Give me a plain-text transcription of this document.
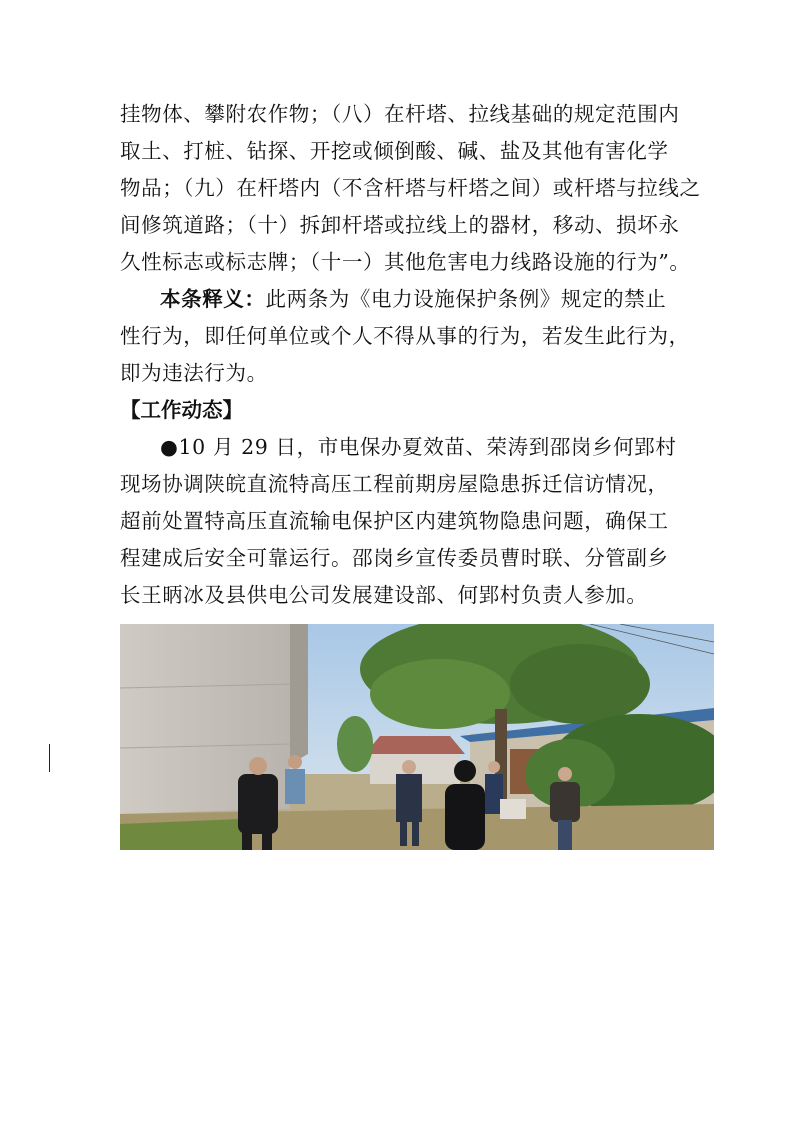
挂物体、攀附农作物；（八）在杆塔、拉线基础的规定范围内
取土、打桩、钻探、开挖或倾倒酸、碱、盐及其他有害化学
物品；（九）在杆塔内（不含杆塔与杆塔之间）或杆塔与拉线之
间修筑道路；（十）拆卸杆塔或拉线上的器材，移动、损坏永
久性标志或标志牌；（十一）其他危害电力线路设施的行为”。
本条释义：此两条为《电力设施保护条例》规定的禁止
性行为，即任何单位或个人不得从事的行为，若发生此行为，
即为违法行为。
【工作动态】
●10 月 29 日，市电保办夏效苗、荣涛到邵岗乡何郢村
现场协调陕皖直流特高压工程前期房屋隐患拆迁信访情况，
超前处置特高压直流输电保护区内建筑物隐患问题，确保工
程建成后安全可靠运行。邵岗乡宣传委员曹时联、分管副乡
长王昞冰及县供电公司发展建设部、何郢村负责人参加。
